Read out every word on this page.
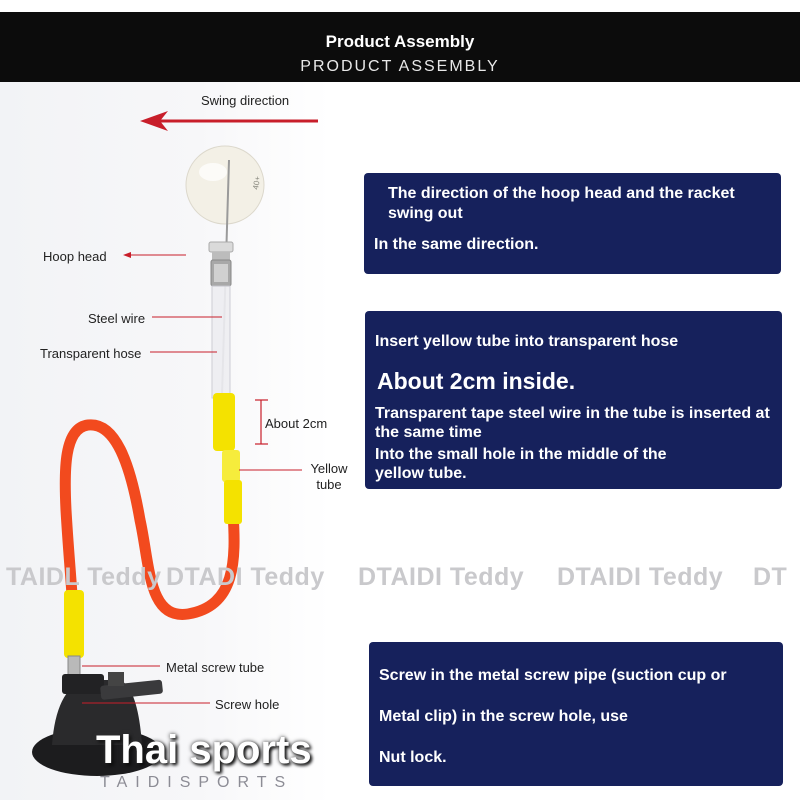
Product Assembly
PRODUCT ASSEMBLY
40+
Swing direction
Hoop head
Steel wire
Transparent hose
About 2cm
Yellow tube
Metal screw tube
Screw hole
TAIDL Teddy DTADI Teddy DTAIDI Teddy DTAIDI Teddy DT

The direction of the hoop head and the racket swing out

In the same direction.

Insert yellow tube into transparent hose

About 2cm inside.

Transparent tape steel wire in the tube is inserted at the same time

Into the small hole in the middle of the yellow tube.

Screw in the metal screw pipe (suction cup or

Metal clip) in the screw hole, use

Nut lock.

Thai sports
TAIDISPORTS
